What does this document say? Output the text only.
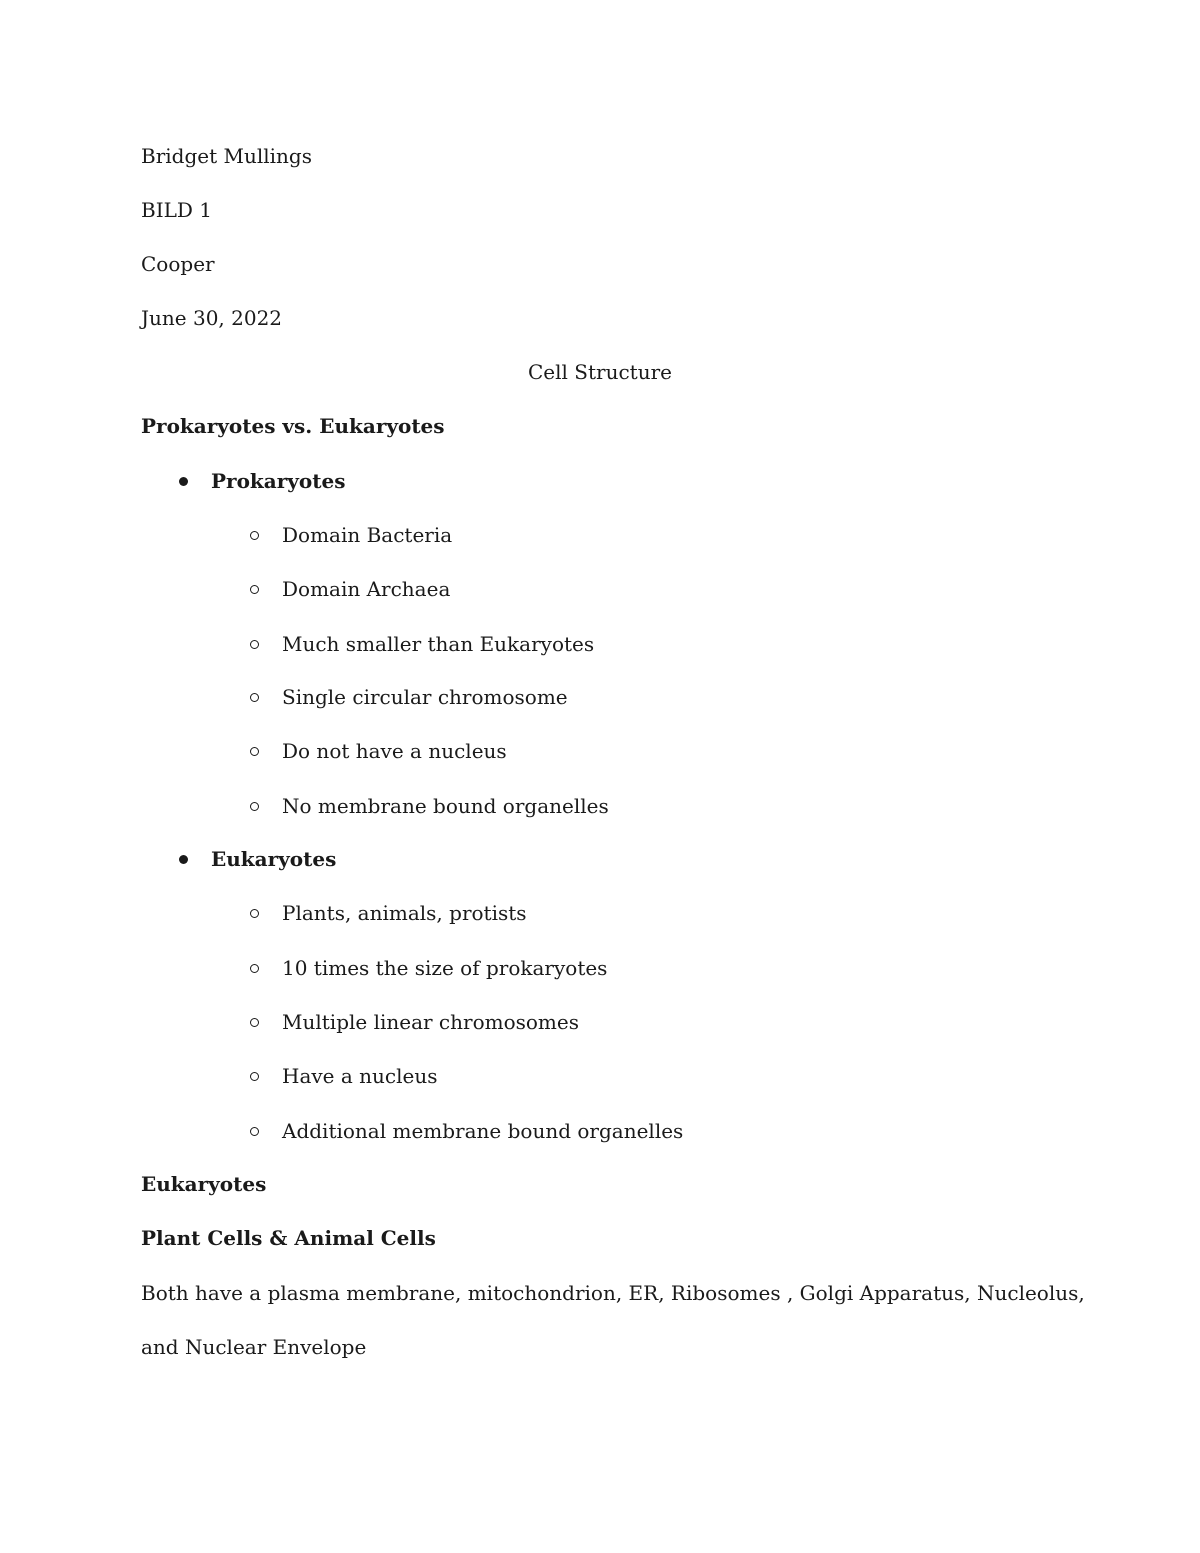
Bridget Mullings
BILD 1
Cooper
June 30, 2022
Cell Structure
Prokaryotes vs. Eukaryotes
Prokaryotes
Domain Bacteria
Domain Archaea
Much smaller than Eukaryotes
Single circular chromosome
Do not have a nucleus
No membrane bound organelles
Eukaryotes
Plants, animals, protists
10 times the size of prokaryotes
Multiple linear chromosomes
Have a nucleus
Additional membrane bound organelles
Eukaryotes
Plant Cells & Animal Cells
Both have a plasma membrane, mitochondrion, ER, Ribosomes , Golgi Apparatus, Nucleolus,
and Nuclear Envelope
